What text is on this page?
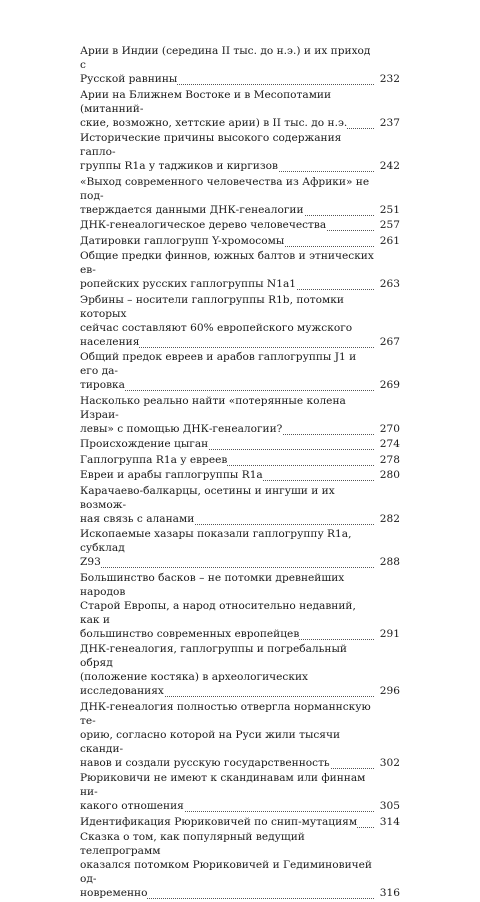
Арии в Индии (середина II тыс. до н.э.) и их приход с
Русской равнины	232
Арии на Ближнем Востоке и в Месопотамии (митанний-
ские, возможно, хеттские арии) в II тыс. до н.э.	237
Исторические причины высокого содержания гапло-
группы R1a у таджиков и киргизов	242
«Выход современного человечества из Африки» не под-
тверждается данными ДНК-генеалогии	251
ДНК-генеалогическое дерево человечества	257
Датировки гаплогрупп Y-хромосомы	261
Общие предки финнов, южных балтов и этнических ев-
ропейских русских гаплогруппы N1a1	263
Эрбины – носители гаплогруппы R1b, потомки которых
сейчас составляют 60% европейского мужского населения	267
Общий предок евреев и арабов гаплогруппы J1 и его да-
тировка	269
Насколько реально найти «потерянные колена Израи-
левы» с помощью ДНК-генеалогии?	270
Происхождение цыган	274
Гаплогруппа R1a у евреев	278
Евреи и арабы гаплогруппы R1a	280
Карачаево-балкарцы, осетины и ингуши и их возмож-
ная связь с аланами	282
Ископаемые хазары показали гаплогруппу R1a, субклад
Z93	288
Большинство басков – не потомки древнейших народов
Старой Европы, а народ относительно недавний, как и
большинство современных европейцев	291
ДНК-генеалогия, гаплогруппы и погребальный обряд
(положение костяка) в археологических исследованиях	296
ДНК-генеалогия полностью отвергла норманнскую те-
орию, согласно которой на Руси жили тысячи сканди-
навов и создали русскую государственность	302
Рюриковичи не имеют к скандинавам или финнам ни-
какого отношения	305
Идентификация Рюриковичей по снип-мутациям	314
Сказка о том, как популярный ведущий телепрограмм
оказался потомком Рюриковичей и Гедиминовичей од-
новременно	316
